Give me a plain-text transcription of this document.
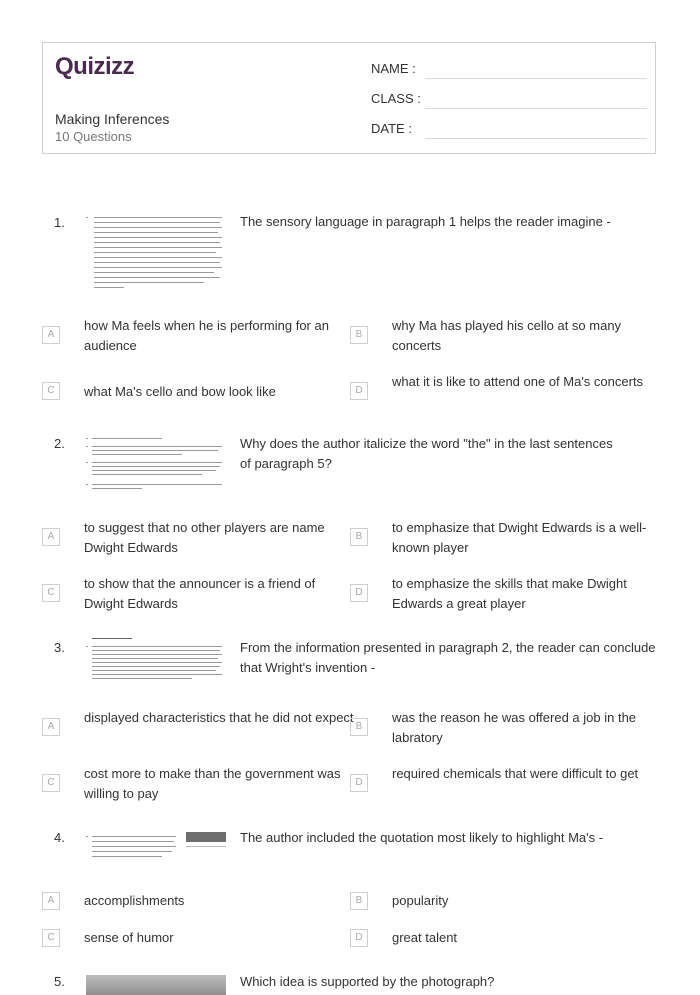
Quizizz
Making Inferences
10 Questions
NAME :
CLASS :
DATE :
1.	The sensory language in paragraph 1 helps the reader imagine -
A
how Ma feels when he is performing for an audience
B
why Ma has played his cello at so many concerts
C	what Ma's cello and bow look like	D
what it is like to attend one of Ma's concerts
2.	Why does the author italicize the word "the" in the last sentences of paragraph 5?
A
to suggest that no other players are name Dwight Edwards
B
to emphasize that Dwight Edwards is a well-known player
C
to show that the announcer is a friend of Dwight Edwards
D
to emphasize the skills that make Dwight Edwards a great player
3.	From the information presented in paragraph 2, the reader can conclude that Wright's invention -
A
displayed characteristics that he did not expect
B
was the reason he was offered a job in the labratory
C
cost more to make than the government was willing to pay
D
required chemicals that were difficult to get
4.	The author included the quotation most likely to highlight Ma's -
A	accomplishments	B	popularity
C	sense of humor	D	great talent
5.	Which idea is supported by the photograph?
